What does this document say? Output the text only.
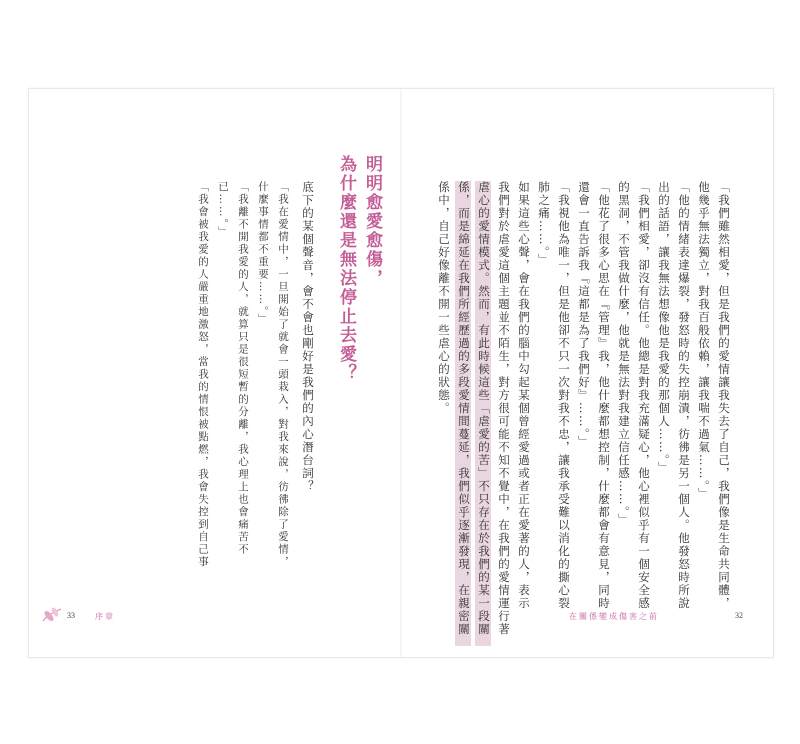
「我們雖然相愛，但是我們的愛情讓我失去了自己，我們像是生命共同體，
他幾乎無法獨立，對我百般依賴，讓我喘不過氣……。」
「他的情緒表達爆裂，發怒時的失控崩潰，彷彿是另一個人。他發怒時所說
出的話語，讓我無法想像他是我愛的那個人……。」
「我們相愛，卻沒有信任。他總是對我充滿疑心，他心裡似乎有一個安全感
的黑洞，不管我做什麼，他就是無法對我建立信任感……。」
「他花了很多心思在『管理』我，他什麼都想控制，什麼都會有意見，同時
還會一直告訴我『這都是為了我們好』……。」
「我視他為唯一，但是他卻不只一次對我不忠，讓我承受難以消化的撕心裂
肺之痛……。」
如果這些心聲，會在我們的腦中勾起某個曾經愛過或者正在愛著的人，表示
我們對於虐愛這個主題並不陌生，對方很可能不知不覺中，在我們的愛情運行著
虐心的愛情模式。然而，有此時候這些「虐愛的苦」不只存在於我們的某一段關
係，而是綿延在我們所經歷過的多段愛情間蔓延，我們似乎逐漸發現，在親密關
係中，自己好像離不開一些虐心的狀態。
在關係變成傷害之前	32
明明愈愛愈傷，
為什麼還是無法停止去愛？
底下的某個聲音，會不會也剛好是我們的內心潛台詞？
「我在愛情中，一旦開始了就會一頭栽入，對我來說，彷彿除了愛情，
什麼事情都不重要……。」
「我離不開我愛的人，就算只是很短暫的分離，我心理上也會痛苦不
已……。」
「我會被我愛的人嚴重地激怒，當我的情恨被點燃，我會失控到自己事
33	序章
